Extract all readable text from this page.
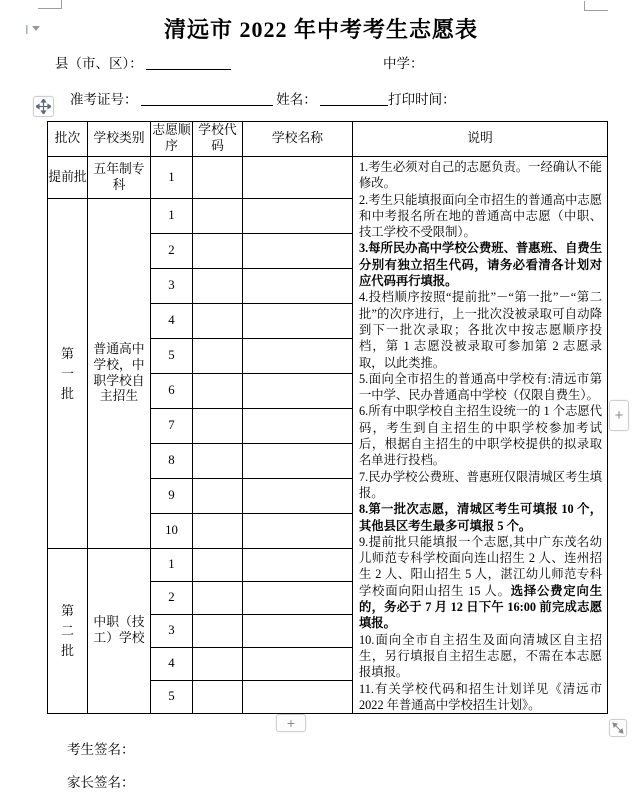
I	清远市 2022 年中考考生志愿表
县（市、区）：	中学：
准考证号：	姓名：	打印时间：
批次	学校类别	志愿顺序	学校代码	学校名称	说明
提前批	五年制专科	1			
1.考生必须对自己的志愿负责。一经确认不能修改。
2.考生只能填报面向全市招生的普通高中志愿和中考报名所在地的普通高中志愿（中职、技工学校不受限制）。
3.每所民办高中学校公费班、普惠班、自费生分别有独立招生代码，请务必看清各计划对应代码再行填报。
4.投档顺序按照“提前批”－“第一批”－“第二批”的次序进行，上一批次没被录取可自动降到下一批次录取；各批次中按志愿顺序投档，第 1 志愿没被录取可参加第 2 志愿录取，以此类推。
5.面向全市招生的普通高中学校有:清远市第一中学、民办普通高中学校（仅限自费生）。
6.所有中职学校自主招生设统一的 1 个志愿代码，考生到自主招生的中职学校参加考试后，根据自主招生的中职学校提供的拟录取名单进行投档。
7.民办学校公费班、普惠班仅限清城区考生填报。
8.第一批次志愿，清城区考生可填报 10 个，其他县区考生最多可填报 5 个。
9.提前批只能填报一个志愿,其中广东茂名幼儿师范专科学校面向连山招生 2 人、连州招生 2 人、阳山招生 5 人，湛江幼儿师范专科学校面向阳山招生 15 人。选择公费定向生的，务必于 7 月 12 日下午 16:00 前完成志愿填报。
10.面向全市自主招生及面向清城区自主招生，另行填报自主招生志愿，不需在本志愿报填报。
11.有关学校代码和招生计划详见《清远市 2022 年普通高中学校招生计划》。

第一批	普通高中学校，中职学校自主招生	1			
		2			
		3			
		4			
		5			
		6			
		7			
		8			
		9			
		10			
第二批	中职（技工）学校	1			
		2			
		3			
		4			
		5			
+
+
考生签名：
家长签名：
